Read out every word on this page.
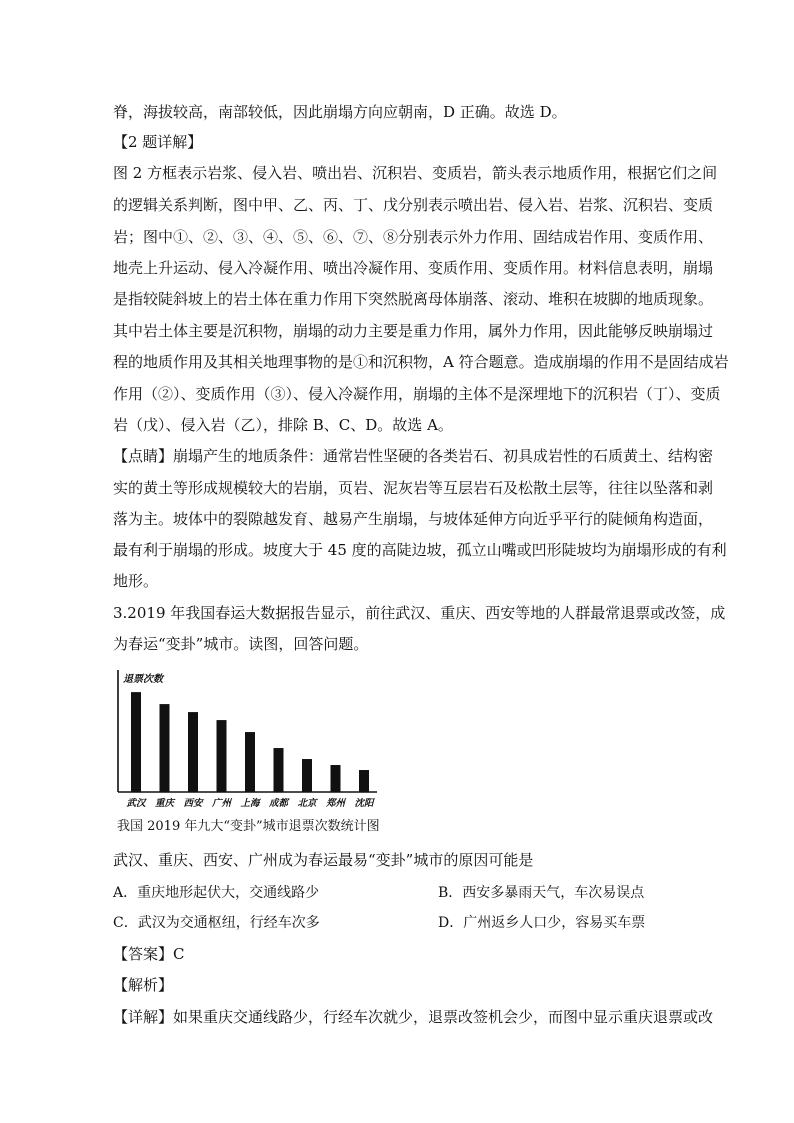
脊，海拔较高，南部较低，因此崩塌方向应朝南，D 正确。故选 D。
【2 题详解】
图 2 方框表示岩浆、侵入岩、喷出岩、沉积岩、变质岩，箭头表示地质作用，根据它们之间
的逻辑关系判断，图中甲、乙、丙、丁、戊分别表示喷出岩、侵入岩、岩浆、沉积岩、变质
岩；图中①、②、③、④、⑤、⑥、⑦、⑧分别表示外力作用、固结成岩作用、变质作用、
地壳上升运动、侵入冷凝作用、喷出冷凝作用、变质作用、变质作用。材料信息表明，崩塌
是指较陡斜坡上的岩土体在重力作用下突然脱离母体崩落、滚动、堆积在坡脚的地质现象。
其中岩土体主要是沉积物，崩塌的动力主要是重力作用，属外力作用，因此能够反映崩塌过
程的地质作用及其相关地理事物的是①和沉积物，A 符合题意。造成崩塌的作用不是固结成岩
作用（②）、变质作用（③）、侵入冷凝作用，崩塌的主体不是深埋地下的沉积岩（丁）、变质
岩（戊）、侵入岩（乙），排除 B、C、D。故选 A。
【点睛】崩塌产生的地质条件：通常岩性坚硬的各类岩石、初具成岩性的石质黄土、结构密
实的黄土等形成规模较大的岩崩，页岩、泥灰岩等互层岩石及松散土层等，往往以坠落和剥
落为主。坡体中的裂隙越发育、越易产生崩塌，与坡体延伸方向近乎平行的陡倾角构造面，
最有利于崩塌的形成。坡度大于 45 度的高陡边坡，孤立山嘴或凹形陡坡均为崩塌形成的有利
地形。
3.2019 年我国春运大数据报告显示，前往武汉、重庆、西安等地的人群最常退票或改签，成
为春运“变卦”城市。读图，回答问题。
退票次数
武汉 重庆 西安 广州 上海 成都 北京 郑州 沈阳
我国 2019 年九大“变卦”城市退票次数统计图
武汉、重庆、西安、广州成为春运最易“变卦”城市的原因可能是
A．重庆地形起伏大，交通线路少	B．西安多暴雨天气，车次易误点
C．武汉为交通枢纽，行经车次多	D．广州返乡人口少，容易买车票
【答案】C
【解析】
【详解】如果重庆交通线路少，行经车次就少，退票改签机会少，而图中显示重庆退票或改
